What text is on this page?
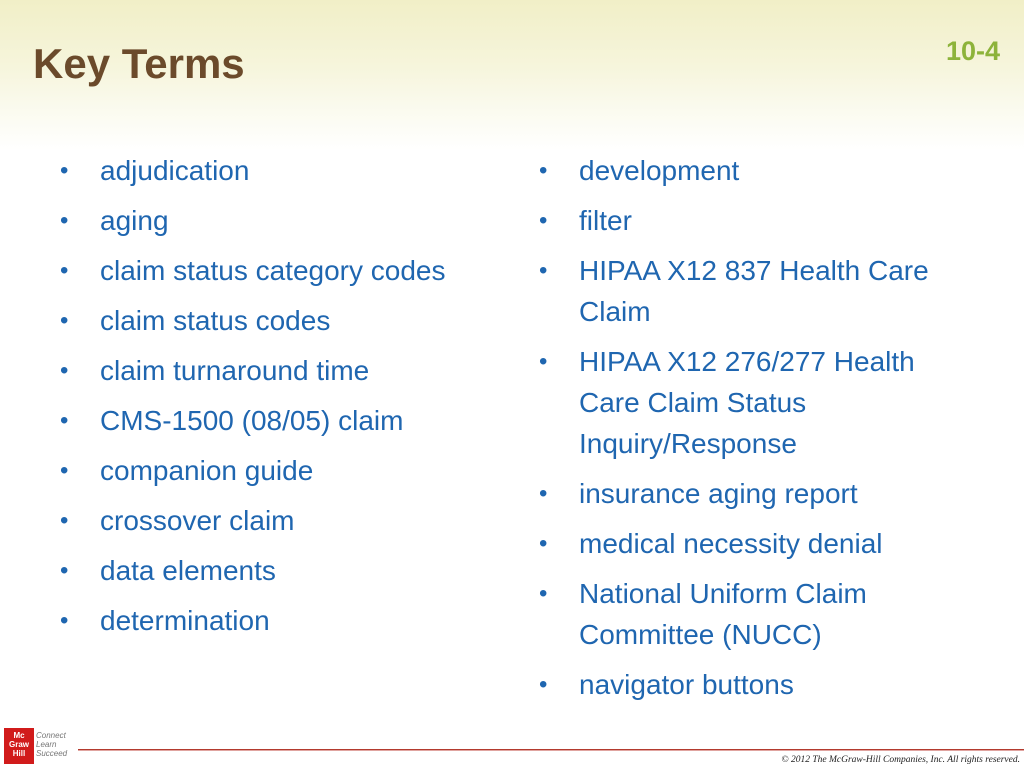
Key Terms	10-4
• adjudication
• aging
• claim status category codes
• claim status codes
• claim turnaround time
• CMS-1500 (08/05) claim
• companion guide
• crossover claim
• data elements
• determination
• development
• filter
• HIPAA X12 837 Health Care Claim
• HIPAA X12 276/277 Health Care Claim Status Inquiry/Response
• insurance aging report
• medical necessity denial
• National Uniform Claim Committee (NUCC)
• navigator buttons
Mc
Graw
Hill
Connect
Learn
Succeed
© 2012 The McGraw-Hill Companies, Inc. All rights reserved.
